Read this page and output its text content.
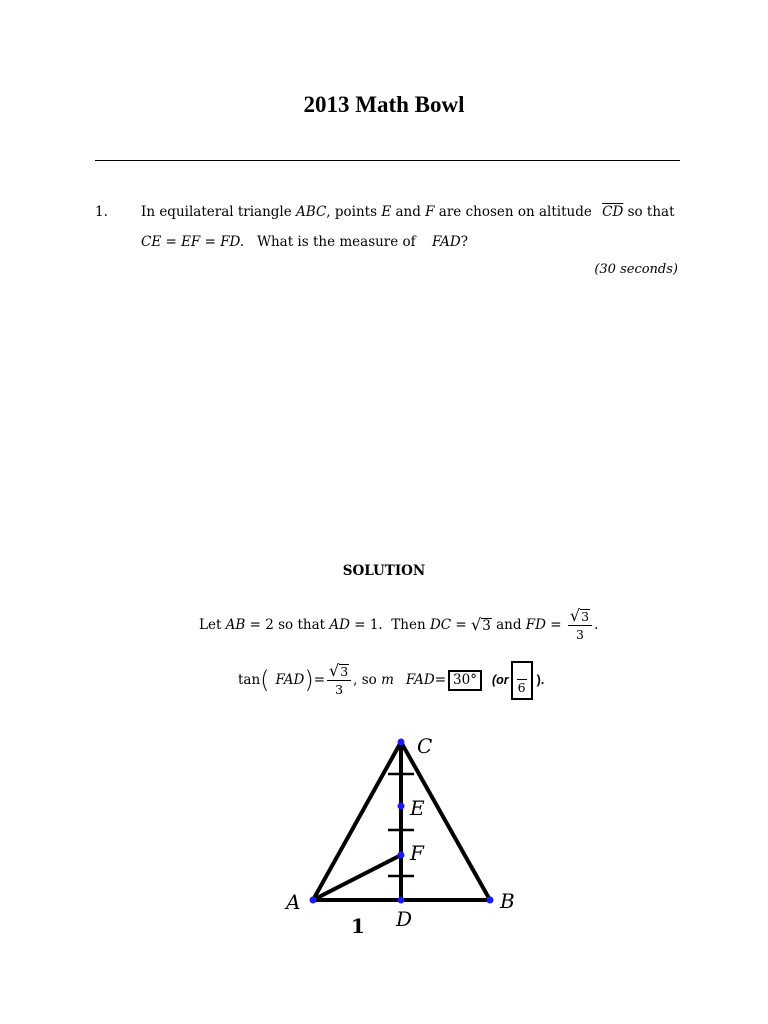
2013 Math Bowl
1. In equilateral triangle ABC, points E and F are chosen on altitude $\overline{CD}$ so that
CE = EF = FD.   What is the measure of FAD?
(30 seconds)
SOLUTION
Let AB = 2 so that AD = 1.  Then DC = √ 3 and FD = $\frac{√ 3}{3}$ .
tan ( FAD ) = $\frac{√ 3}{3}$ , so m FAD = 30°	(or 6 ).
C
E
F
A	B
D
1
